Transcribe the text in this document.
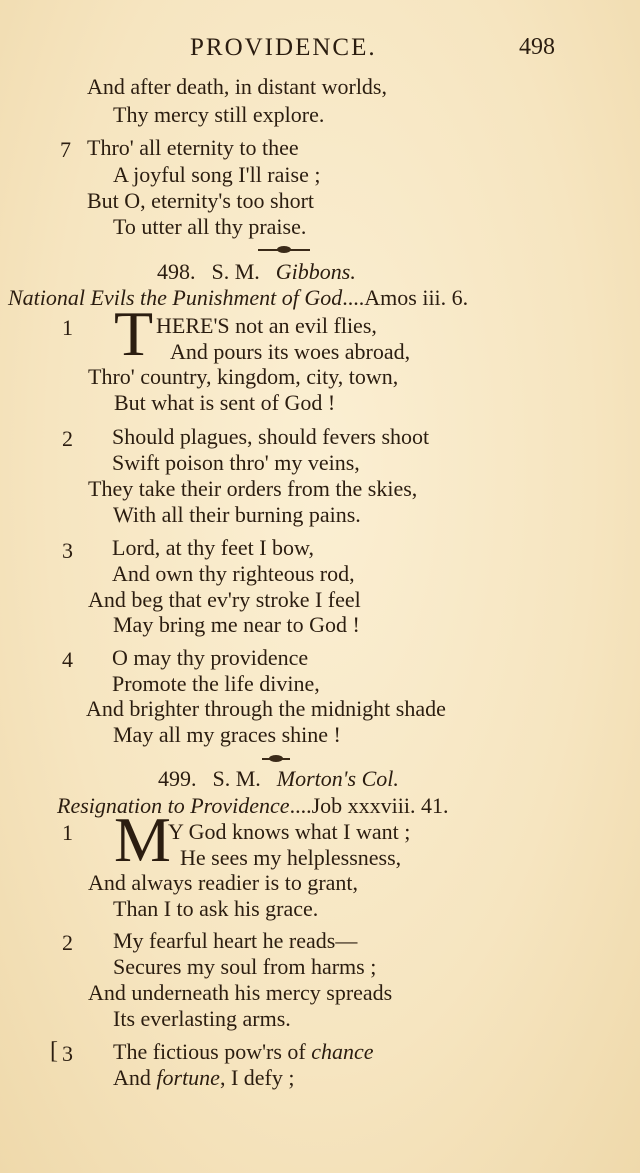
PROVIDENCE.	498
And after death, in distant worlds,
Thy mercy still explore.
7 Thro' all eternity to thee
A joyful song I'll raise ;
But O, eternity's too short
To utter all thy praise.
498. S. M. Gibbons.
National Evils the Punishment of God....Amos iii. 6.
1 T HERE'S not an evil flies,
And pours its woes abroad,
Thro' country, kingdom, city, town,
But what is sent of God !
2 Should plagues, should fevers shoot
Swift poison thro' my veins,
They take their orders from the skies,
With all their burning pains.
3 Lord, at thy feet I bow,
And own thy righteous rod,
And beg that ev'ry stroke I feel
May bring me near to God !
4 O may thy providence
Promote the life divine,
And brighter through the midnight shade
May all my graces shine !
499. S. M. Morton's Col.
Resignation to Providence....Job xxxviii. 41.
1 M
Y God knows what I want ;
He sees my helplessness,
And always readier is to grant,
Than I to ask his grace.
2 My fearful heart he reads—
Secures my soul from harms ;
And underneath his mercy spreads
Its everlasting arms.
[ 3 The fictious pow'rs of chance
And fortune, I defy ;
